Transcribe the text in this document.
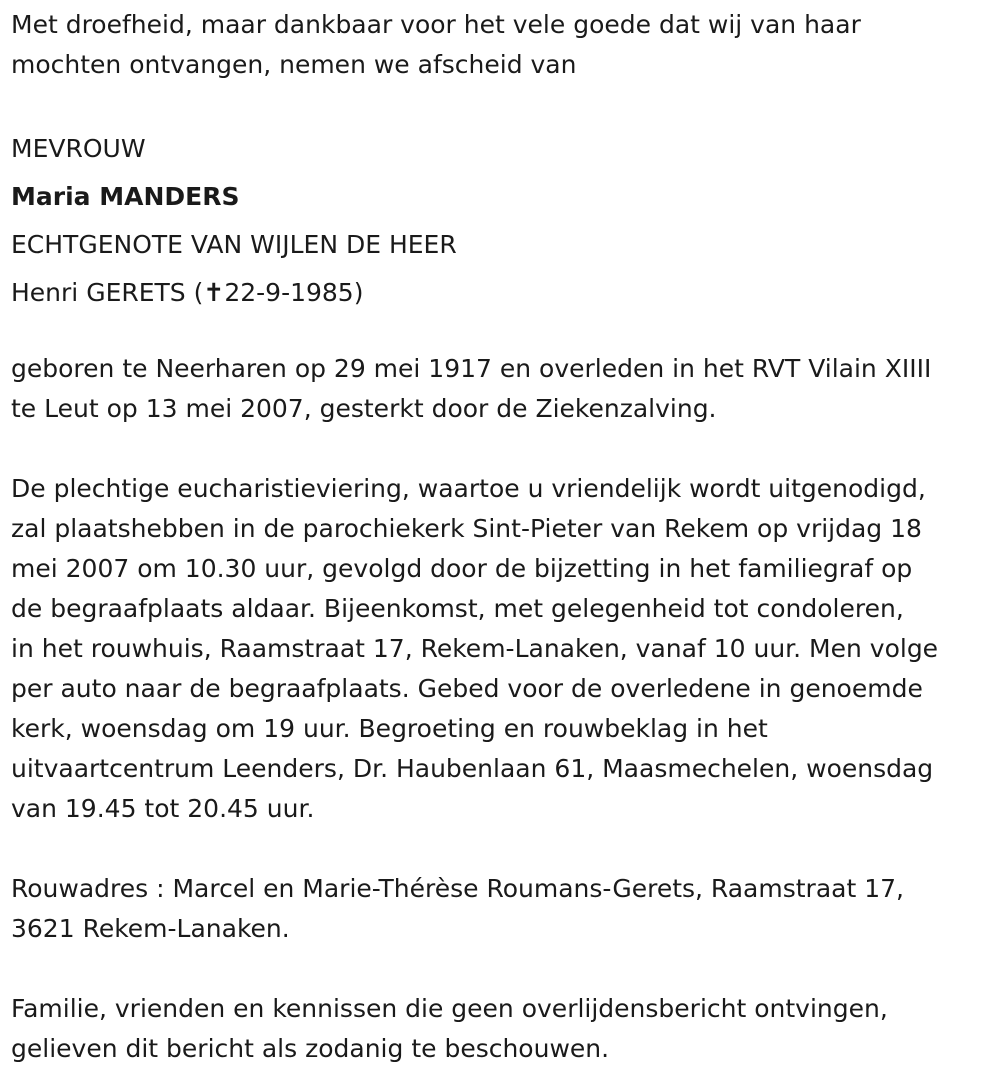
Met droefheid, maar dankbaar voor het vele goede dat wij van haar

mochten ontvangen, nemen we afscheid van

MEVROUW

Maria MANDERS

ECHTGENOTE VAN WIJLEN DE HEER

Henri GERETS (✝22-9-1985)

geboren te Neerharen op 29 mei 1917 en overleden in het RVT Vilain XIIII

te Leut op 13 mei 2007, gesterkt door de Ziekenzalving.

De plechtige eucharistieviering, waartoe u vriendelijk wordt uitgenodigd,

zal plaatshebben in de parochiekerk Sint-Pieter van Rekem op vrijdag 18

mei 2007 om 10.30 uur, gevolgd door de bijzetting in het familiegraf op

de begraafplaats aldaar. Bijeenkomst, met gelegenheid tot condoleren,

in het rouwhuis, Raamstraat 17, Rekem-Lanaken, vanaf 10 uur. Men volge

per auto naar de begraafplaats. Gebed voor de overledene in genoemde

kerk, woensdag om 19 uur. Begroeting en rouwbeklag in het

uitvaartcentrum Leenders, Dr. Haubenlaan 61, Maasmechelen, woensdag

van 19.45 tot 20.45 uur.

Rouwadres : Marcel en Marie-Thérèse Roumans-Gerets, Raamstraat 17,

3621 Rekem-Lanaken.

Familie, vrienden en kennissen die geen overlijdensbericht ontvingen,

gelieven dit bericht als zodanig te beschouwen.
